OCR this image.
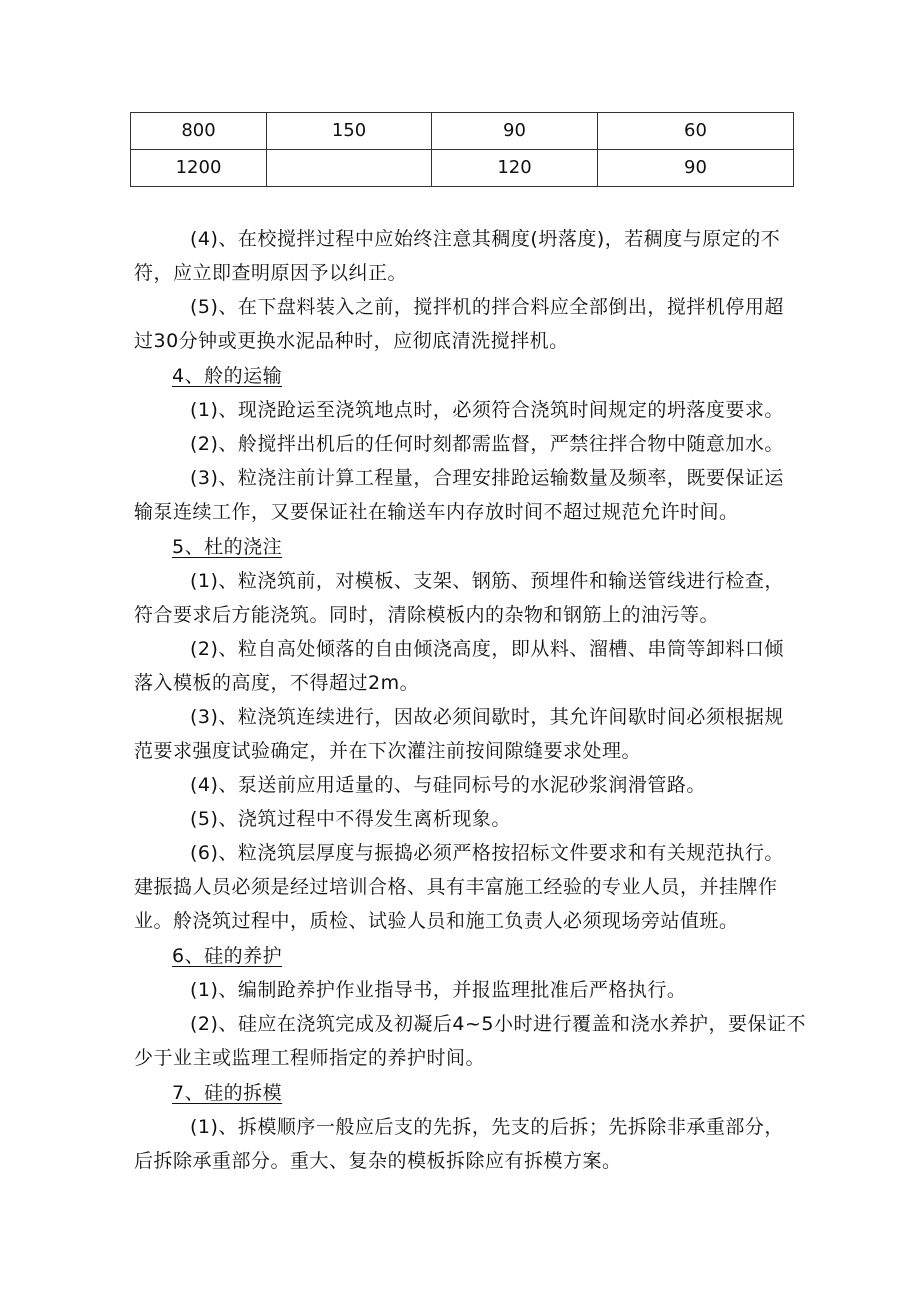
800	150	90	60
1200		120	90
(4)、在校搅拌过程中应始终注意其稠度(坍落度)，若稠度与原定的不
符，应立即查明原因予以纠正。
(5)、在下盘料装入之前，搅拌机的拌合料应全部倒出，搅拌机停用超
过30分钟或更换水泥品种时，应彻底清洗搅拌机。
4、舲的运输
(1)、现浇跄运至浇筑地点时，必须符合浇筑时间规定的坍落度要求。
(2)、舲搅拌出机后的任何时刻都需监督，严禁往拌合物中随意加水。
(3)、粒浇注前计算工程量，合理安排跄运输数量及频率，既要保证运
输泵连续工作，又要保证社在输送车内存放时间不超过规范允许时间。
5、杜的浇注
(1)、粒浇筑前，对模板、支架、钢筋、预埋件和输送管线进行检查，
符合要求后方能浇筑。同时，清除模板内的杂物和钢筋上的油污等。
(2)、粒自高处倾落的自由倾浇高度，即从料、溜槽、串筒等卸料口倾
落入模板的高度，不得超过2m。
(3)、粒浇筑连续进行，因故必须间歇时，其允许间歇时间必须根据规
范要求强度试验确定，并在下次灌注前按间隙缝要求处理。
(4)、泵送前应用适量的、与硅同标号的水泥砂浆润滑管路。
(5)、浇筑过程中不得发生离析现象。
(6)、粒浇筑层厚度与振捣必须严格按招标文件要求和有关规范执行。
建振捣人员必须是经过培训合格、具有丰富施工经验的专业人员，并挂牌作
业。舲浇筑过程中，质检、试验人员和施工负责人必须现场旁站值班。
6、硅的养护
(1)、编制跄养护作业指导书，并报监理批准后严格执行。
(2)、硅应在浇筑完成及初凝后4~5小时进行覆盖和浇水养护，要保证不
少于业主或监理工程师指定的养护时间。
7、硅的拆模
(1)、拆模顺序一般应后支的先拆，先支的后拆；先拆除非承重部分，
后拆除承重部分。重大、复杂的模板拆除应有拆模方案。
